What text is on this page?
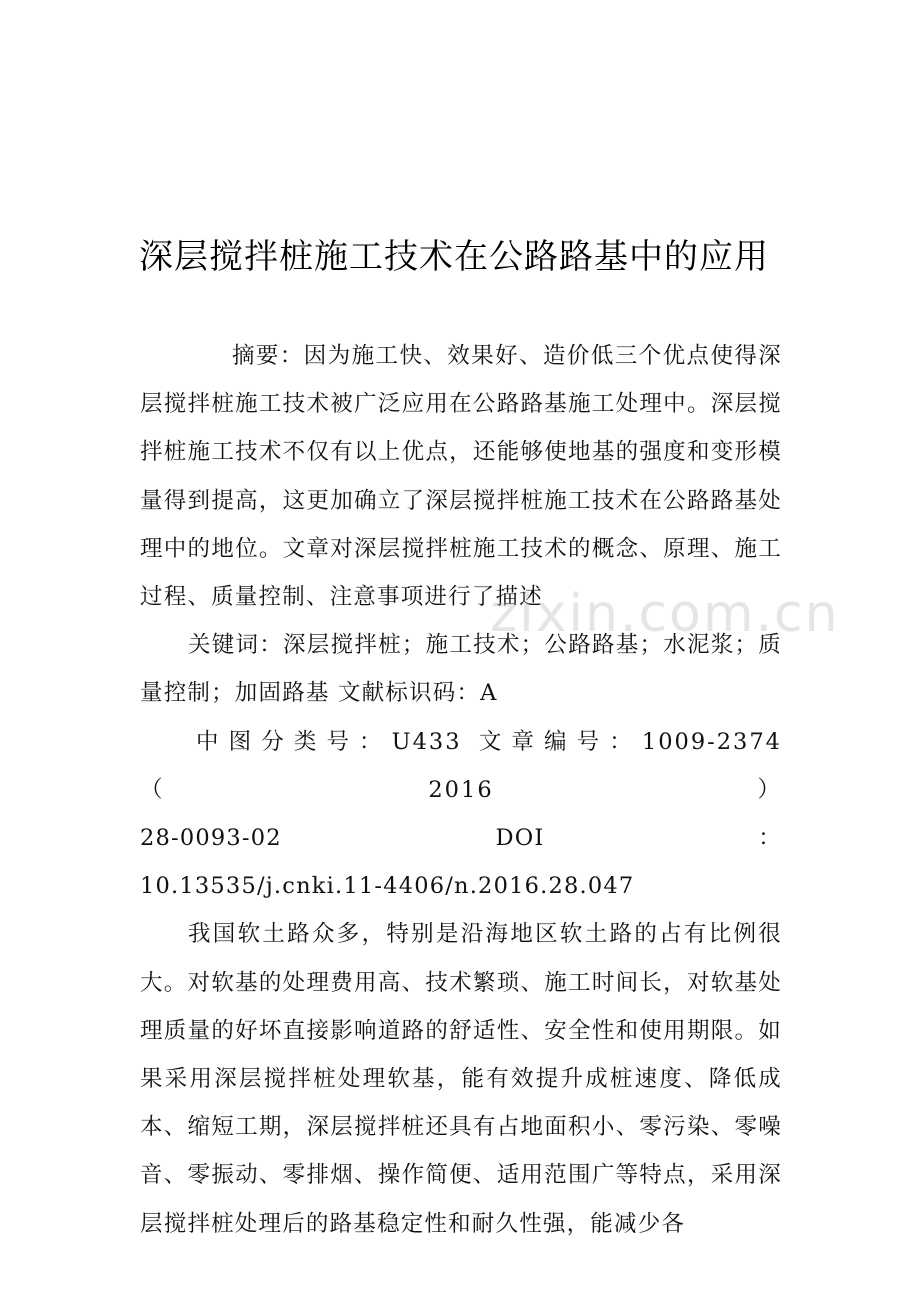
深层搅拌桩施工技术在公路路基中的应用

摘要：因为施工快、效果好、造价低三个优点使得深层搅拌桩施工技术被广泛应用在公路路基施工处理中。深层搅拌桩施工技术不仅有以上优点，还能够使地基的强度和变形模量得到提高，这更加确立了深层搅拌桩施工技术在公路路基处理中的地位。文章对深层搅拌桩施工技术的概念、原理、施工过程、质量控制、注意事项进行了描述

关键词：深层搅拌桩；施工技术；公路路基；水泥浆；质量控制；加固路基 文献标识码：A

中图分类号：U433 文章编号：1009-2374（2016）

28-0093-02	DOI	：

10.13535/j.cnki.11-4406/n.2016.28.047

我国软土路众多，特别是沿海地区软土路的占有比例很大。对软基的处理费用高、技术繁琐、施工时间长，对软基处理质量的好坏直接影响道路的舒适性、安全性和使用期限。如果采用深层搅拌桩处理软基，能有效提升成桩速度、降低成本、缩短工期，深层搅拌桩还具有占地面积小、零污染、零噪音、零振动、零排烟、操作简便、适用范围广等特点，采用深层搅拌桩处理后的路基稳定性和耐久性强，能减少各

zixin.com.cn
